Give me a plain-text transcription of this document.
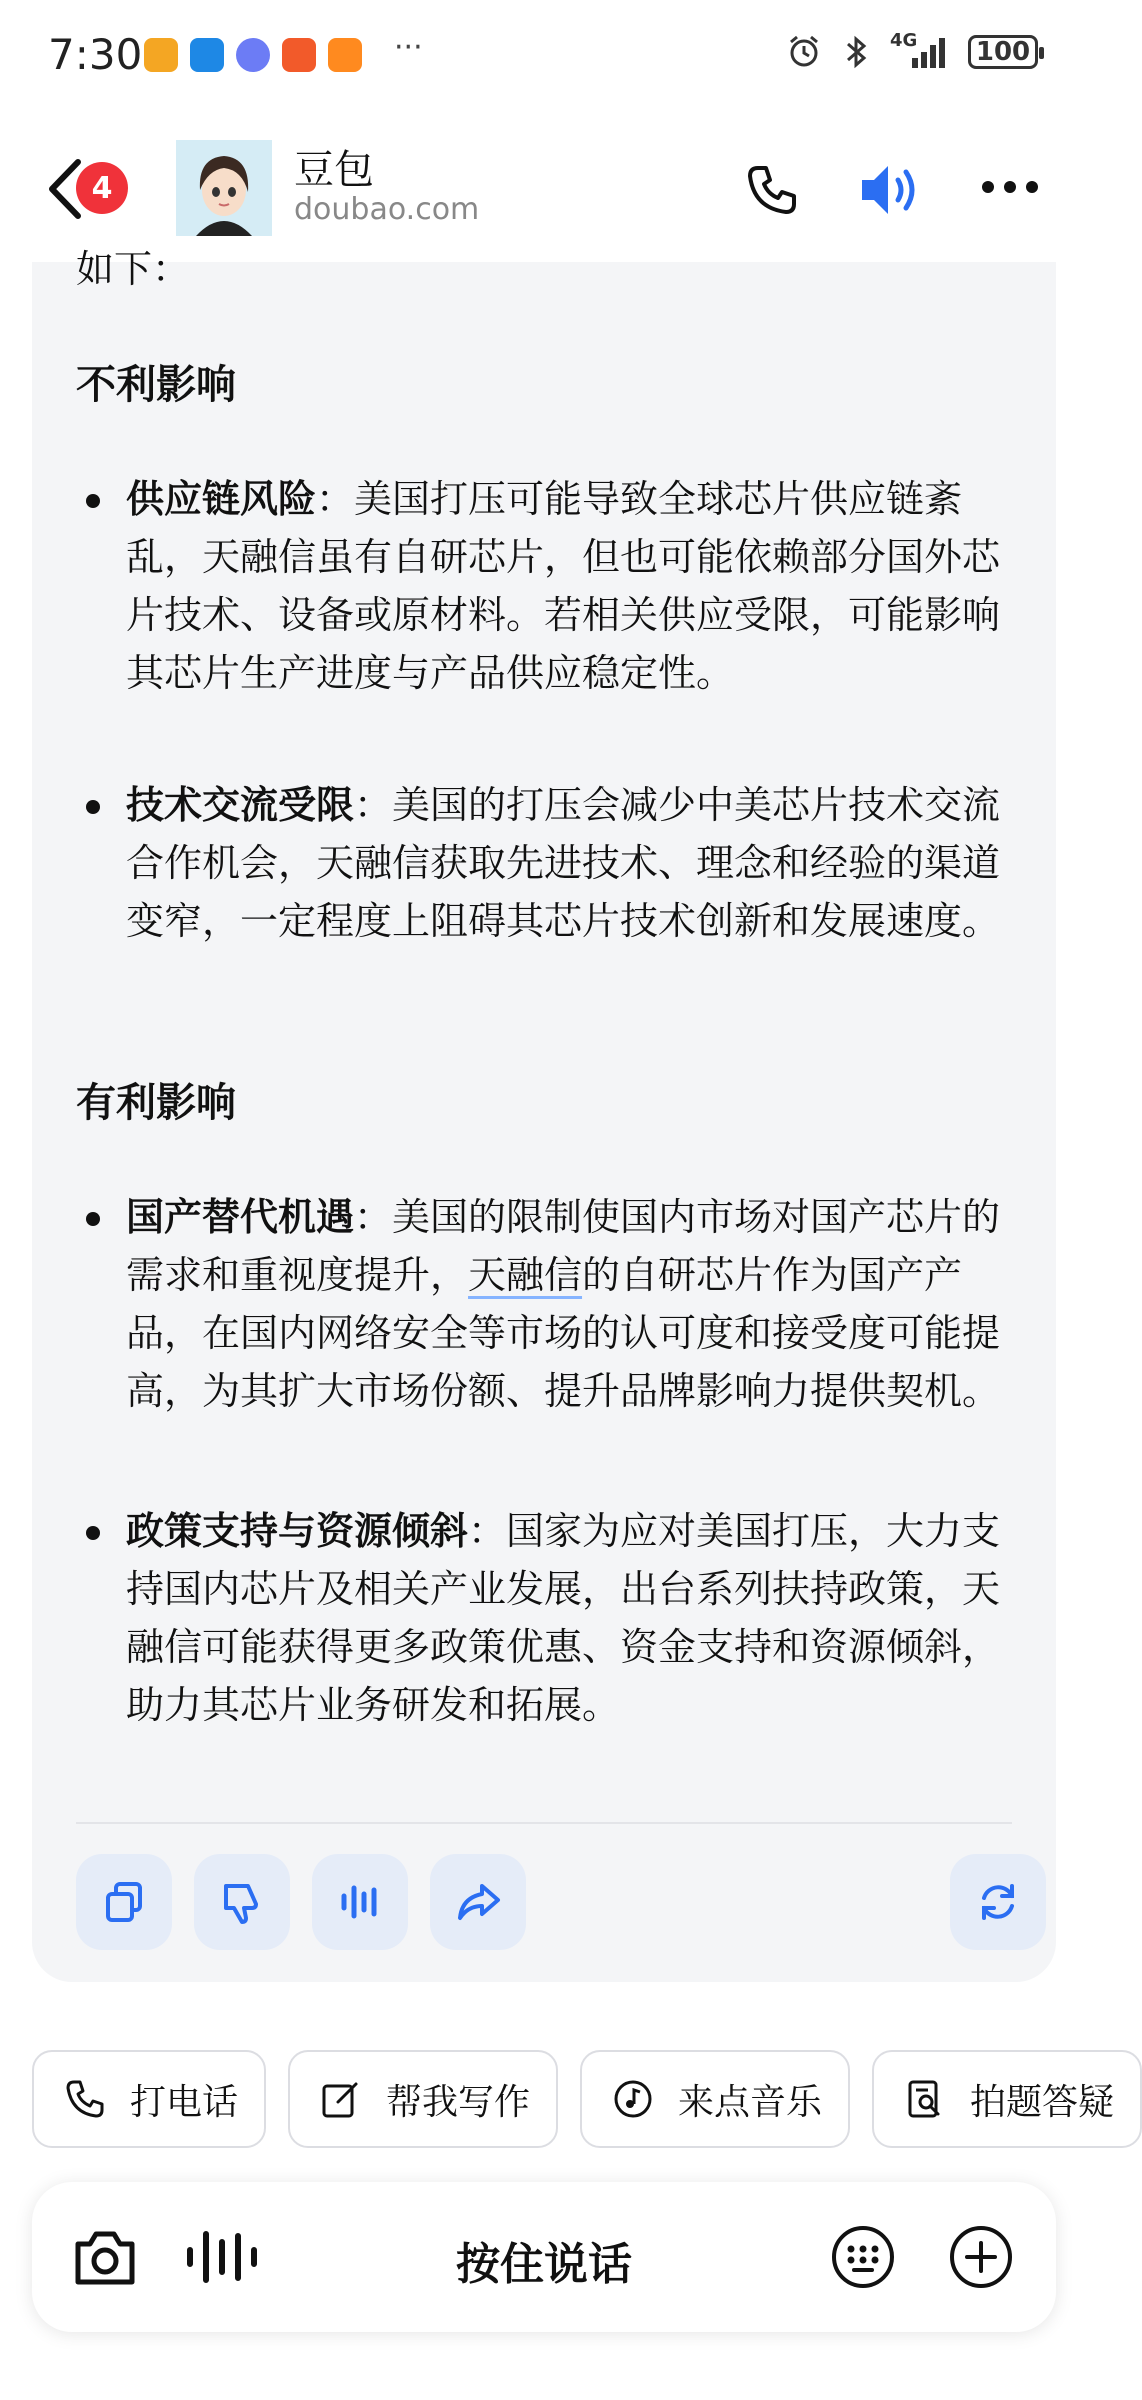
7:30	···	4G	100
4	豆包
doubao.com
如下：
不利影响
供应链风险：美国打压可能导致全球芯片供应链紊乱，天融信虽有自研芯片，但也可能依赖部分国外芯片技术、设备或原材料。若相关供应受限，可能影响其芯片生产进度与产品供应稳定性。
技术交流受限：美国的打压会减少中美芯片技术交流合作机会，天融信获取先进技术、理念和经验的渠道变窄，一定程度上阻碍其芯片技术创新和发展速度。
有利影响
国产替代机遇：美国的限制使国内市场对国产芯片的需求和重视度提升，天融信的自研芯片作为国产产品，在国内网络安全等市场的认可度和接受度可能提高，为其扩大市场份额、提升品牌影响力提供契机。
政策支持与资源倾斜：国家为应对美国打压，大力支持国内芯片及相关产业发展，出台系列扶持政策，天融信可能获得更多政策优惠、资金支持和资源倾斜，助力其芯片业务研发和拓展。
打电话	帮我写作	来点音乐	拍题答疑
按住说话
